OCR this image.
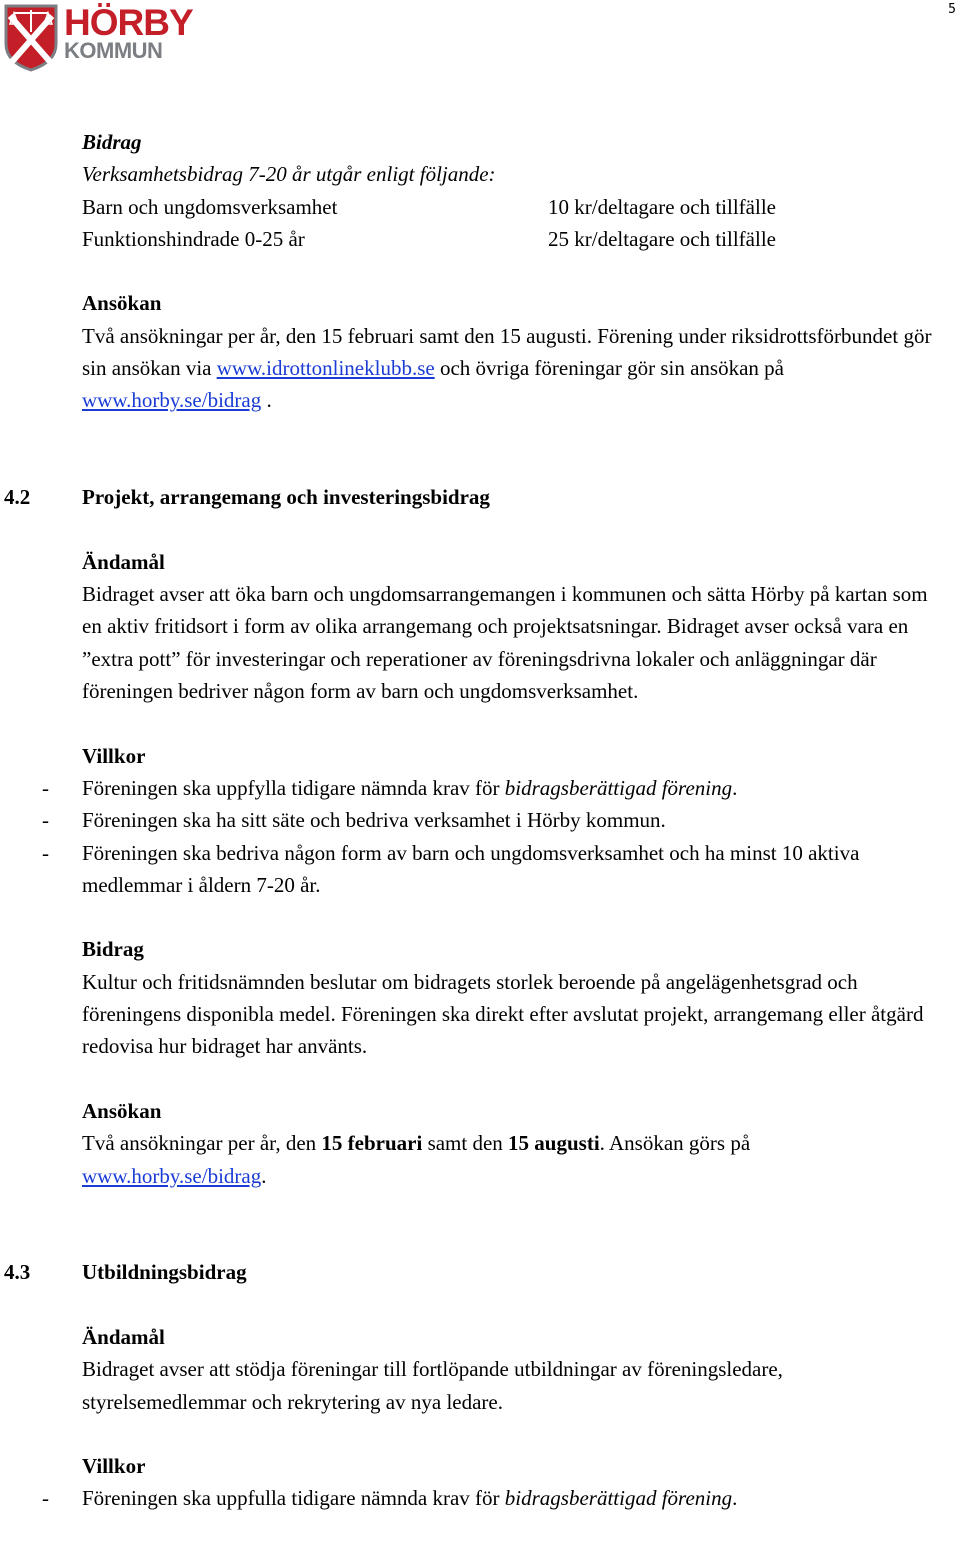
5
HÖRBY
KOMMUN
Bidrag
Verksamhetsbidrag 7-20 år utgår enligt följande:
Barn och ungdomsverksamhet	10 kr/deltagare och tillfälle
Funktionshindrade 0-25 år	25 kr/deltagare och tillfälle
Ansökan

Två ansökningar per år, den 15 februari samt den 15 augusti. Förening under riksidrottsförbundet gör sin ansökan via www.idrottonlineklubb.se och övriga föreningar gör sin ansökan på www.horby.se/bidrag .

4.2 Projekt, arrangemang och investeringsbidrag
Ändamål

Bidraget avser att öka barn och ungdomsarrangemangen i kommunen och sätta Hörby på kartan som en aktiv fritidsort i form av olika arrangemang och projektsatsningar. Bidraget avser också vara en ”extra pott” för investeringar och reperationer av föreningsdrivna lokaler och anläggningar där föreningen bedriver någon form av barn och ungdomsverksamhet.

Villkor
- Föreningen ska uppfylla tidigare nämnda krav för bidragsberättigad förening.
- Föreningen ska ha sitt säte och bedriva verksamhet i Hörby kommun.
- Föreningen ska bedriva någon form av barn och ungdomsverksamhet och ha minst 10 aktiva medlemmar i åldern 7-20 år.
Bidrag

Kultur och fritidsnämnden beslutar om bidragets storlek beroende på angelägenhetsgrad och föreningens disponibla medel. Föreningen ska direkt efter avslutat projekt, arrangemang eller åtgärd redovisa hur bidraget har använts.

Ansökan

Två ansökningar per år, den 15 februari samt den 15 augusti. Ansökan görs på
www.horby.se/bidrag.

4.3 Utbildningsbidrag
Ändamål

Bidraget avser att stödja föreningar till fortlöpande utbildningar av föreningsledare, styrelsemedlemmar och rekrytering av nya ledare.

Villkor
- Föreningen ska uppfulla tidigare nämnda krav för bidragsberättigad förening.
